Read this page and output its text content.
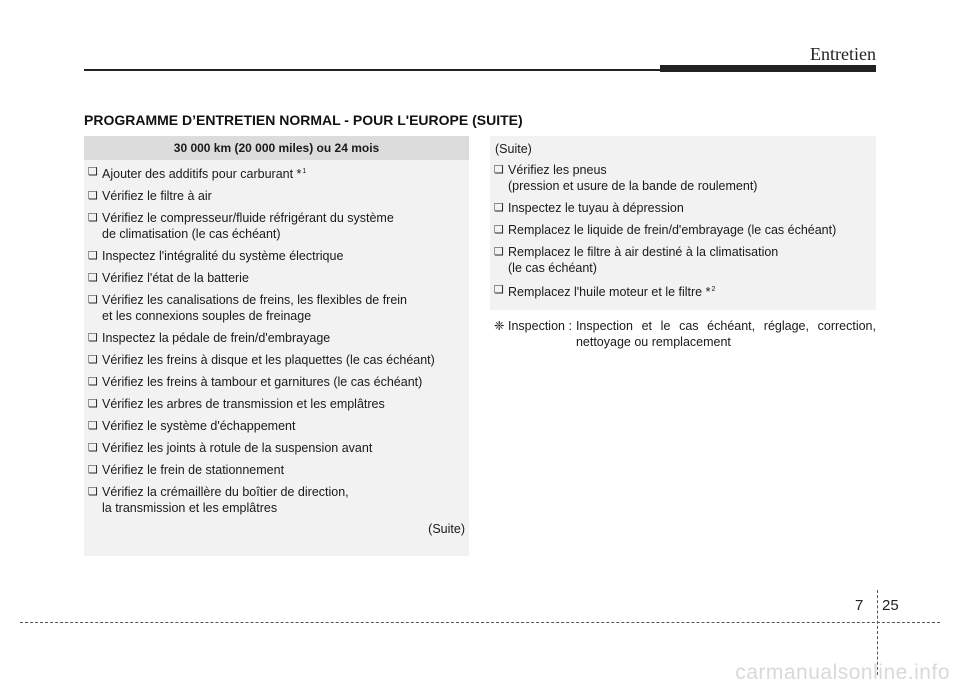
Entretien
PROGRAMME D’ENTRETIEN NORMAL - POUR L'EUROPE (SUITE)
30 000 km (20 000 miles) ou 24 mois
❑ Ajouter des additifs pour carburant *$^1$
❑ Vérifiez le filtre à air
❑ Vérifiez le compresseur/fluide réfrigérant du système
de climatisation (le cas échéant)
❑ Inspectez l'intégralité du système électrique
❑ Vérifiez l'état de la batterie
❑ Vérifiez les canalisations de freins, les flexibles de frein
et les connexions souples de freinage
❑ Inspectez la pédale de frein/d'embrayage
❑ Vérifiez les freins à disque et les plaquettes (le cas échéant)
❑ Vérifiez les freins à tambour et garnitures (le cas échéant)
❑ Vérifiez les arbres de transmission et les emplâtres
❑ Vérifiez le système d'échappement
❑ Vérifiez les joints à rotule de la suspension avant
❑ Vérifiez le frein de stationnement
❑ Vérifiez la crémaillère du boîtier de direction,
la transmission et les emplâtres
(Suite)
(Suite)
❑ Vérifiez les pneus
(pression et usure de la bande de roulement)
❑ Inspectez le tuyau à dépression
❑ Remplacez le liquide de frein/d'embrayage (le cas échéant)
❑ Remplacez le filtre à air destiné à la climatisation
(le cas échéant)
❑ Remplacez l'huile moteur et le filtre *$^2$
❈ Inspection : Inspection et le cas échéant, réglage, correction, nettoyage ou remplacement
7 25
carmanualsonline.info
